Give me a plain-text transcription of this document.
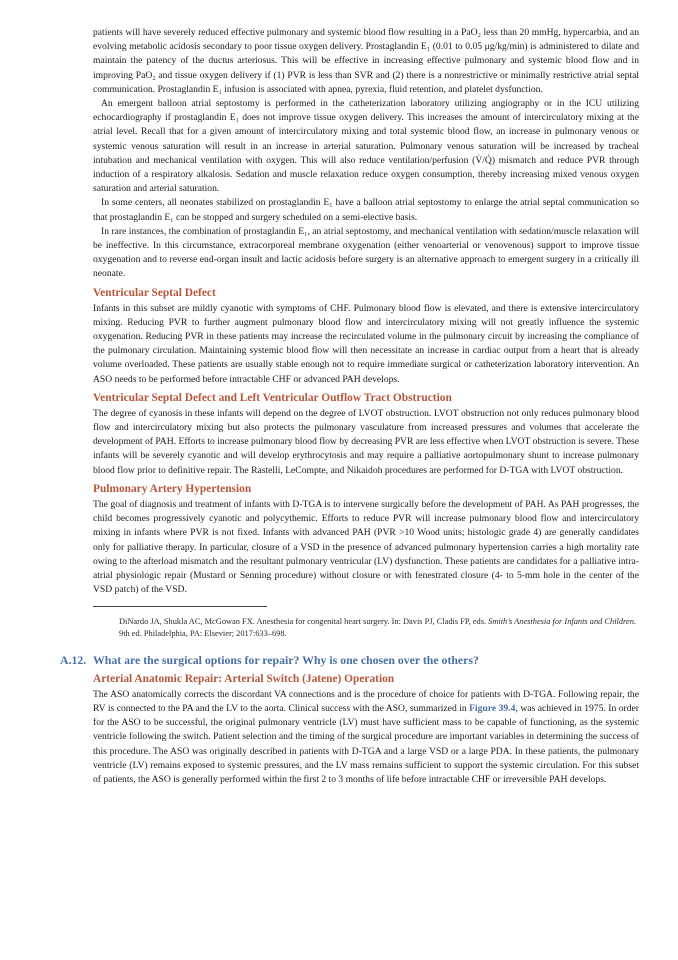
patients will have severely reduced effective pulmonary and systemic blood flow resulting in a PaO₂ less than 20 mmHg, hypercarbia, and an evolving metabolic acidosis secondary to poor tissue oxygen delivery. Prostaglandin E₁ (0.01 to 0.05 μg/kg/min) is administered to dilate and maintain the patency of the ductus arteriosus. This will be effective in increasing effective pulmonary and systemic blood flow and in improving PaO₂ and tissue oxygen delivery if (1) PVR is less than SVR and (2) there is a nonrestrictive or minimally restrictive atrial septal communication. Prostaglandin E₁ infusion is associated with apnea, pyrexia, fluid retention, and platelet dysfunction.

An emergent balloon atrial septostomy is performed in the catheterization laboratory utilizing angiography or in the ICU utilizing echocardiography if prostaglandin E₁ does not improve tissue oxygen delivery. This increases the amount of intercirculatory mixing at the atrial level. Recall that for a given amount of intercirculatory mixing and total systemic blood flow, an increase in pulmonary venous or systemic venous saturation will result in an increase in arterial saturation. Pulmonary venous saturation will be increased by tracheal intubation and mechanical ventilation with oxygen. This will also reduce ventilation/perfusion (V̇/Q̇) mismatch and reduce PVR through induction of a respiratory alkalosis. Sedation and muscle relaxation reduce oxygen consumption, thereby increasing mixed venous oxygen saturation and arterial saturation.

In some centers, all neonates stabilized on prostaglandin E₁ have a balloon atrial septostomy to enlarge the atrial septal communication so that prostaglandin E₁ can be stopped and surgery scheduled on a semi-elective basis.

In rare instances, the combination of prostaglandin E₁, an atrial septostomy, and mechanical ventilation with sedation/muscle relaxation will be ineffective. In this circumstance, extracorporeal membrane oxygenation (either venoarterial or venovenous) support to improve tissue oxygenation and to reverse end-organ insult and lactic acidosis before surgery is an alternative approach to emergent surgery in a critically ill neonate.

Ventricular Septal Defect

Infants in this subset are mildly cyanotic with symptoms of CHF. Pulmonary blood flow is elevated, and there is extensive intercirculatory mixing. Reducing PVR to further augment pulmonary blood flow and intercirculatory mixing will not greatly influence the systemic oxygenation. Reducing PVR in these patients may increase the recirculated volume in the pulmonary circuit by increasing the compliance of the pulmonary circulation. Maintaining systemic blood flow will then necessitate an increase in cardiac output from a heart that is already volume overloaded. These patients are usually stable enough not to require immediate surgical or catheterization laboratory intervention. An ASO needs to be performed before intractable CHF or advanced PAH develops.

Ventricular Septal Defect and Left Ventricular Outflow Tract Obstruction

The degree of cyanosis in these infants will depend on the degree of LVOT obstruction. LVOT obstruction not only reduces pulmonary blood flow and intercirculatory mixing but also protects the pulmonary vasculature from increased pressures and volumes that accelerate the development of PAH. Efforts to increase pulmonary blood flow by decreasing PVR are less effective when LVOT obstruction is severe. These infants will be severely cyanotic and will develop erythrocytosis and may require a palliative aortopulmonary shunt to increase pulmonary blood flow prior to definitive repair. The Rastelli, LeCompte, and Nikaidoh procedures are performed for D-TGA with LVOT obstruction.

Pulmonary Artery Hypertension

The goal of diagnosis and treatment of infants with D-TGA is to intervene surgically before the development of PAH. As PAH progresses, the child becomes progressively cyanotic and polycythemic. Efforts to reduce PVR will increase pulmonary blood flow and intercirculatory mixing in infants where PVR is not fixed. Infants with advanced PAH (PVR >10 Wood units; histologic grade 4) are generally candidates only for palliative therapy. In particular, closure of a VSD in the presence of advanced pulmonary hypertension carries a high mortality rate owing to the afterload mismatch and the resultant pulmonary ventricular (LV) dysfunction. These patients are candidates for a palliative intra-atrial physiologic repair (Mustard or Senning procedure) without closure or with fenestrated closure (4- to 5-mm hole in the center of the VSD patch) of the VSD.

DiNardo JA, Shukla AC, McGowan FX. Anesthesia for congenital heart surgery. In: Davis PJ, Cladis FP, eds. Smith’s Anesthesia for Infants and Children. 9th ed. Philadelphia, PA: Elsevier; 2017:633–698.

A.12. What are the surgical options for repair? Why is one chosen over the others?
Arterial Anatomic Repair: Arterial Switch (Jatene) Operation

The ASO anatomically corrects the discordant VA connections and is the procedure of choice for patients with D-TGA. Following repair, the RV is connected to the PA and the LV to the aorta. Clinical success with the ASO, summarized in Figure 39.4, was achieved in 1975. In order for the ASO to be successful, the original pulmonary ventricle (LV) must have sufficient mass to be capable of functioning, as the systemic ventricle following the switch. Patient selection and the timing of the surgical procedure are important variables in determining the success of this procedure. The ASO was originally described in patients with D-TGA and a large VSD or a large PDA. In these patients, the pulmonary ventricle (LV) remains exposed to systemic pressures, and the LV mass remains sufficient to support the systemic circulation. For this subset of patients, the ASO is generally performed within the first 2 to 3 months of life before intractable CHF or irreversible PAH develops.
